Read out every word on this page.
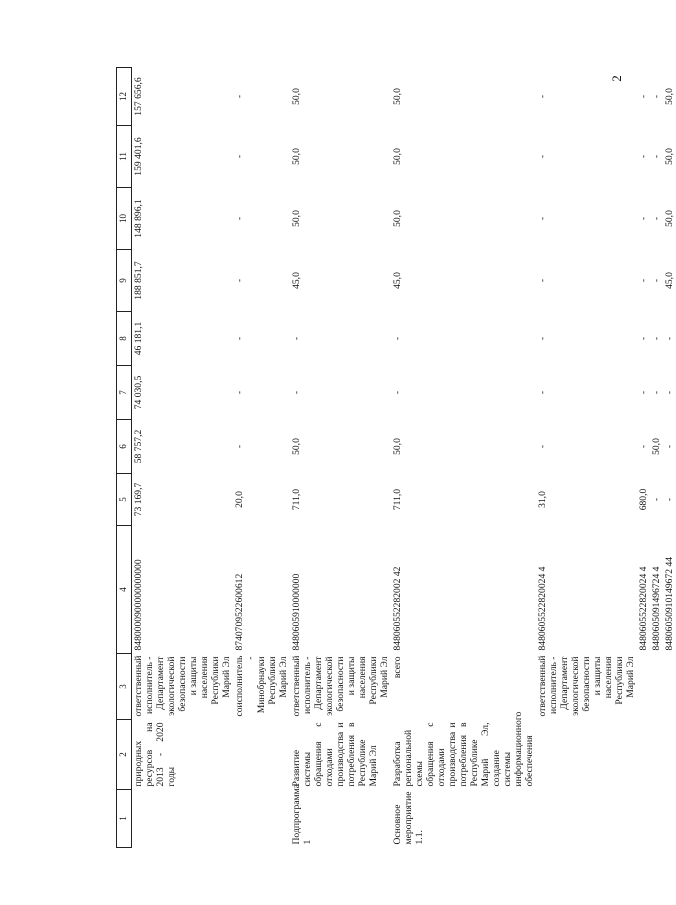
2
1	2	3	4	5	6	7	8	9	10	11	12
	природных ресурсов на 2013 - 2020 годы	ответственный исполнитель - Департамент экологической безопасности и защиты населения Республики Марий Эл	8480000900000000000	73 169,7	58 757,2	74 030,5	46 181,1	188 851,7	148 896,1	159 401,6	157 656,6
		соисполнитель - Минобрнауки Республики Марий Эл	8740709522600612	20,0	-	-	-	-	-	-	-
Подпрограмма 1	Развитие системы обращения с отходами производства и потребления в Республике Марий Эл	ответственный исполнитель - Департамент экологической безопасности и защиты населения Республики Марий Эл	8480605910000000	711,0	50,0	-	-	45,0	50,0	50,0	50,0
Основное мероприятие 1.1.	Разработка региональной схемы обращения с отходами производства и потребления в Республике Марий Эл, создание системы информационного обеспечения	всего	848060552282002 42	711,0	50,0	-	-	45,0	50,0	50,0	50,0
		ответственный исполнитель - Департамент экологической безопасности и защиты населения Республики Марий Эл	8480605522820024 4	31,0	-	-	-	-	-	-	-
			8480605522820024 4	680,0	-	-	-	-	-	-	-
			8480605091496724 4	-	50,0	-	-	-	-	-	-
			84806050910149672 44	-	-	-	-	45,0	50,0	50,0	50,0
